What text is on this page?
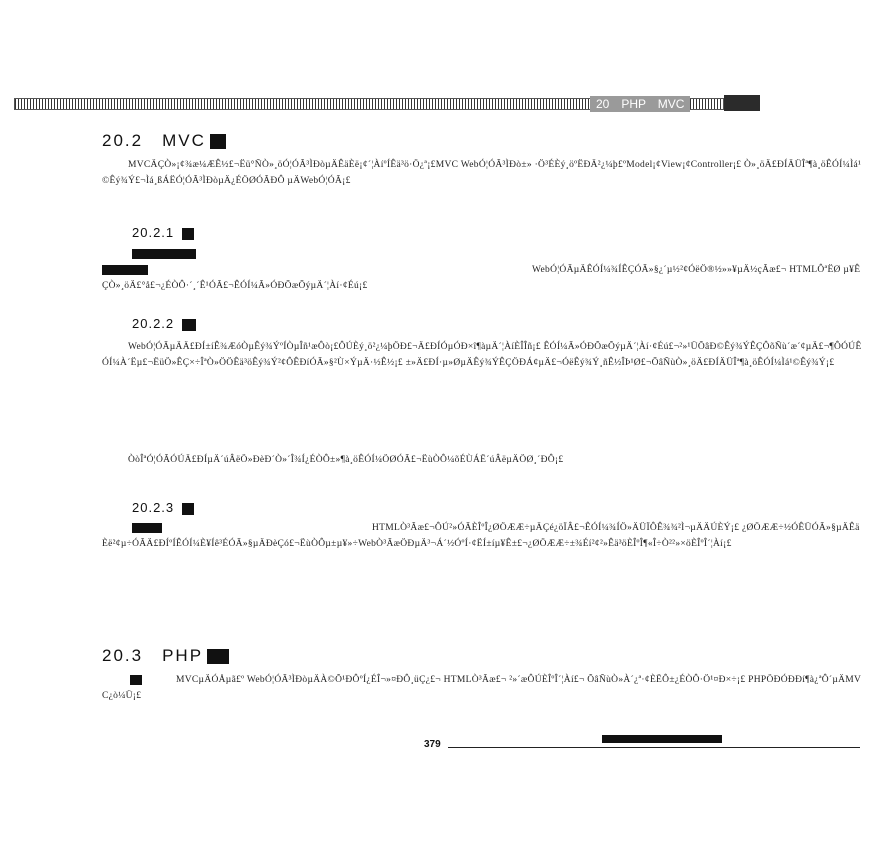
20　PHP　MVC
20.2　MVC
MVCÄÇÒ»¡¢¾æ¼ÆÊ½£¬Ëü°ÑÒ»¸öÓ¦ÓÃ³ÌÐòµÄÊäÈë¡¢´¦ÀíºÍÊä³ö·Ö¿ª¡£MVC WebÓ¦ÓÃ³ÌÐò±» ·Ö³ÉÈý¸öºËÐÄ²¿¼þ£ºModel¡¢View¡¢Controller¡£ Ò»¸öÄ£ÐÍÄÜÎª¶à¸öÊÓÍ¼Ìá¹©Êý¾Ý£¬Ìá¸ßÁËÓ¦ÓÃ³ÌÐòµÄ¿ÉÖØÓÃÐÔ µÄWebÓ¦ÓÃ¡£
20.2.1
WebÓ¦ÓÃµÄÊÓÍ¼¾ÍÊÇÓÃ»§¿´µ½²¢ÓëÖ®½»»¥µÄ½çÃæ£¬ HTMLÔªËØ µ¥ÊÇÒ»¸öÄ£°å£¬¿ÉÒÔ·´¸´Ê¹ÓÃ£¬ÊÓÍ¼Ã»ÓÐÕæÕýµÄ´¦Àí·¢Éú¡£
20.2.2
WebÓ¦ÓÃµÄÄ£ÐÍ±íÊ¾ÆóÒµÊý¾ÝºÍÒµÎñ¹æÔò¡£ÔÚÈý¸ö²¿¼þÖÐ£¬Ä£ÐÍÓµÓÐ×î¶àµÄ´¦ÀíÈÎÎñ¡£ ÊÓÍ¼Ã»ÓÐÕæÕýµÄ´¦Àí·¢Éú£¬²»¹ÜÕâÐ©Êý¾ÝÊÇÔõÑù´æ´¢µÄ£¬¶ÔÓÚÊÓÍ¼À´Ëµ£¬ËüÖ»ÊÇ×÷ÎªÒ»ÖÖÊä³öÊý¾Ý²¢ÔÊÐíÓÃ»§²Ù×ÝµÄ·½Ê½¡£ ±»Ä£ÐÍ·µ»ØµÄÊý¾ÝÊÇÖÐÁ¢µÄ£¬ÓëÊý¾Ý¸ñÊ½ÎÞ¹Ø£¬ÕâÑùÒ»¸öÄ£ÐÍÄÜÎª¶à¸öÊÓÍ¼Ìá¹©Êý¾Ý¡£
ÒòÎªÓ¦ÓÃÓÚÄ£ÐÍµÄ´úÂëÖ»ÐèÐ´Ò»´Î¾Í¿ÉÒÔ±»¶à¸öÊÓÍ¼ÖØÓÃ£¬ËùÒÔ¼õÉÙÁË´úÂëµÄÖØ¸´ÐÔ¡£
20.2.3
HTMLÒ³Ãæ£¬ÔÚ²»ÓÃÈÎºÎ¿ØÖÆÆ÷µÄÇé¿öÏÂ£¬ÊÓÍ¼¾ÍÖ»ÄÜÏÔÊ¾¾²Ì¬µÄÄÚÈÝ¡£ ¿ØÖÆÆ÷½ÓÊÜÓÃ»§µÄÊäÈë²¢µ÷ÓÃÄ£ÐÍºÍÊÓÍ¼È¥Íê³ÉÓÃ»§µÄÐèÇó£¬ËùÒÔµ±µ¥»÷WebÒ³ÃæÖÐµÄ³¬Á´½ÓºÍ·¢ËÍ±íµ¥Ê±£¬¿ØÖÆÆ÷±¾Éí²¢²»Êä³öÈÎºÎ¶«Î÷Ò²²»×öÈÎºÎ´¦Àí¡£
20.3　PHP
MVCµÄÓÅµã£º WebÓ¦ÓÃ³ÌÐòµÄÀ©Õ¹ÐÔºÍ¿ÉÎ¬»¤ÐÔ¸üÇ¿£¬ HTMLÒ³Ãæ£¬ ²»´æÔÚÈÎºÎ´¦Àí£¬ ÕâÑùÒ»À´¿ª·¢ÈËÔ±¿ÉÒÔ·Ö¹¤Ð×÷¡£ PHPÖÐÓÐÐí¶à¿ªÔ´µÄMVC¿ò¼Ü¡£
379
